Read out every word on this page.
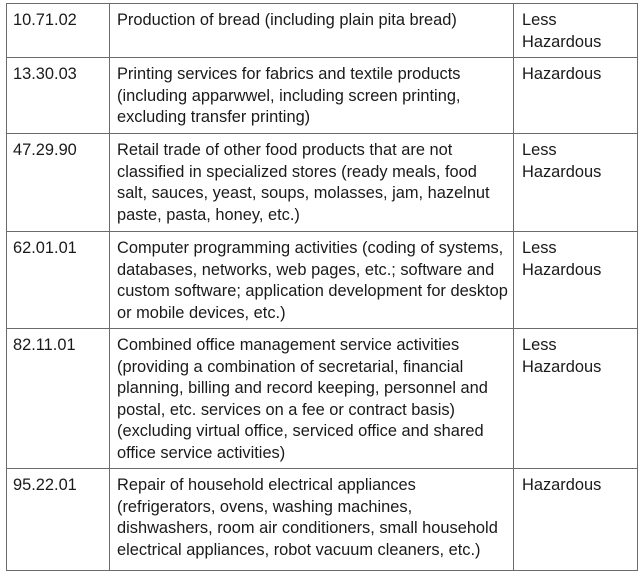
10.71.02	Production of bread (including plain pita bread)	Less Hazardous
13.30.03	Printing services for fabrics and textile products (including apparwwel, including screen printing, excluding transfer printing)	Hazardous
47.29.90	Retail trade of other food products that are not classified in specialized stores (ready meals, food salt, sauces, yeast, soups, molasses, jam, hazelnut paste, pasta, honey, etc.)	Less Hazardous
62.01.01	Computer programming activities (coding of systems, databases, networks, web pages, etc.; software and custom software; application development for desktop or mobile devices, etc.)	Less Hazardous
82.11.01	Combined office management service activities (providing a combination of secretarial, financial planning, billing and record keeping, personnel and postal, etc. services on a fee or contract basis) (excluding virtual office, serviced office and shared office service activities)	Less Hazardous
95.22.01	Repair of household electrical appliances (refrigerators, ovens, washing machines, dishwashers, room air conditioners, small household electrical appliances, robot vacuum cleaners, etc.)	Hazardous
